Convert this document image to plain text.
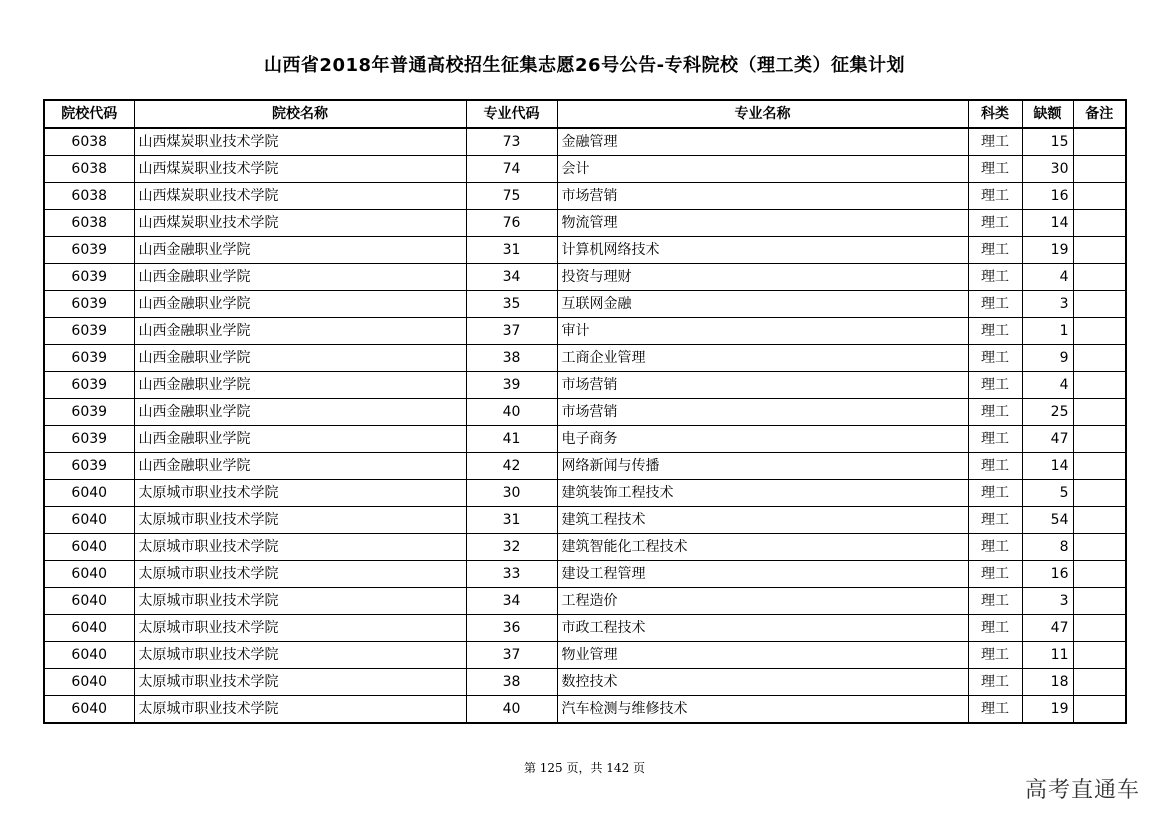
山西省2018年普通高校招生征集志愿26号公告-专科院校（理工类）征集计划
院校代码	院校名称	专业代码	专业名称	科类	缺额	备注
6038	山西煤炭职业技术学院	73	金融管理	理工	15	
6038	山西煤炭职业技术学院	74	会计	理工	30	
6038	山西煤炭职业技术学院	75	市场营销	理工	16	
6038	山西煤炭职业技术学院	76	物流管理	理工	14	
6039	山西金融职业学院	31	计算机网络技术	理工	19	
6039	山西金融职业学院	34	投资与理财	理工	4	
6039	山西金融职业学院	35	互联网金融	理工	3	
6039	山西金融职业学院	37	审计	理工	1	
6039	山西金融职业学院	38	工商企业管理	理工	9	
6039	山西金融职业学院	39	市场营销	理工	4	
6039	山西金融职业学院	40	市场营销	理工	25	
6039	山西金融职业学院	41	电子商务	理工	47	
6039	山西金融职业学院	42	网络新闻与传播	理工	14	
6040	太原城市职业技术学院	30	建筑装饰工程技术	理工	5	
6040	太原城市职业技术学院	31	建筑工程技术	理工	54	
6040	太原城市职业技术学院	32	建筑智能化工程技术	理工	8	
6040	太原城市职业技术学院	33	建设工程管理	理工	16	
6040	太原城市职业技术学院	34	工程造价	理工	3	
6040	太原城市职业技术学院	36	市政工程技术	理工	47	
6040	太原城市职业技术学院	37	物业管理	理工	11	
6040	太原城市职业技术学院	38	数控技术	理工	18	
6040	太原城市职业技术学院	40	汽车检测与维修技术	理工	19	
第 125 页，共 142 页
高考直通车
